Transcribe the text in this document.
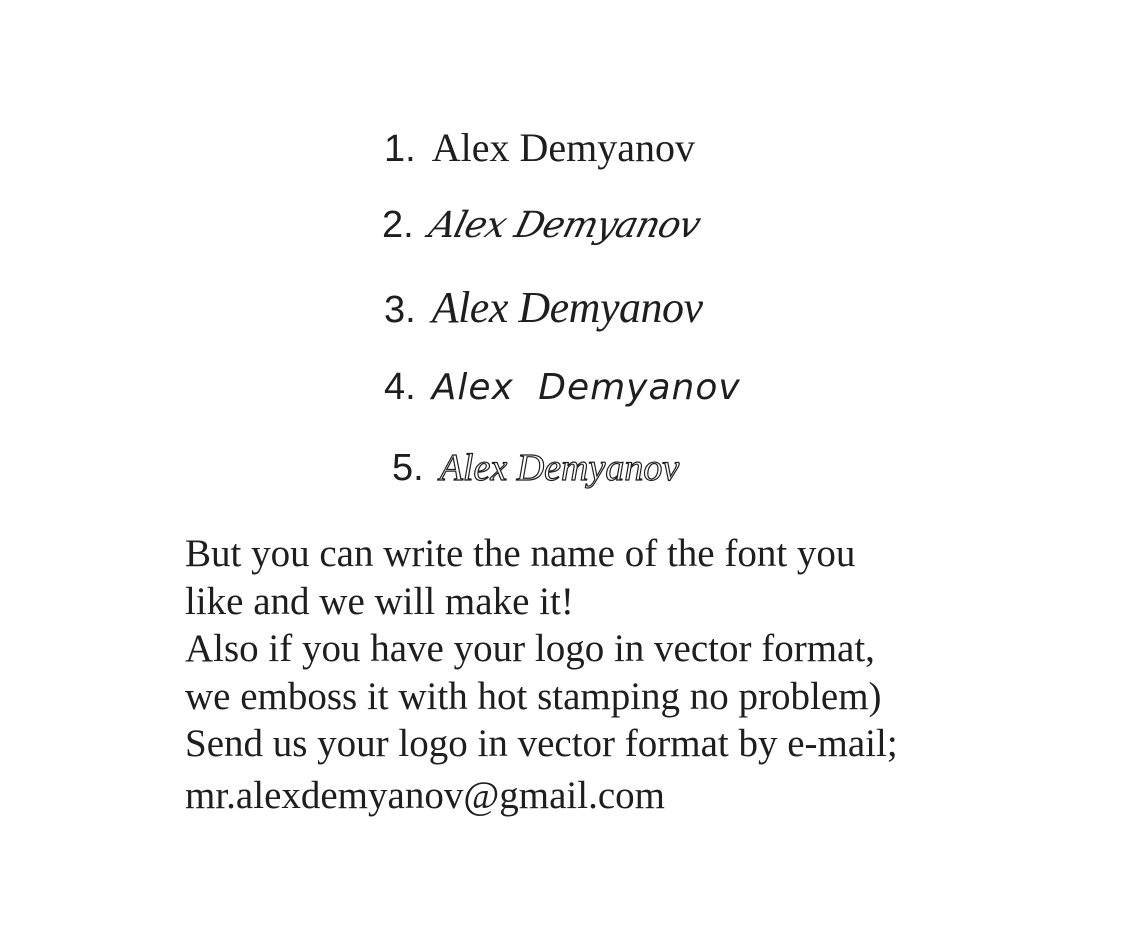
1. Alex Demyanov
2. Alex Demyanov
3. Alex Demyanov
4. Alex Demyanov
5. Alex Demyanov
But you can write the name of the font you
like and we will make it!
Also if you have your logo in vector format,
we emboss it with hot stamping no problem)
Send us your logo in vector format by e-mail;
mr.alexdemyanov@gmail.com
